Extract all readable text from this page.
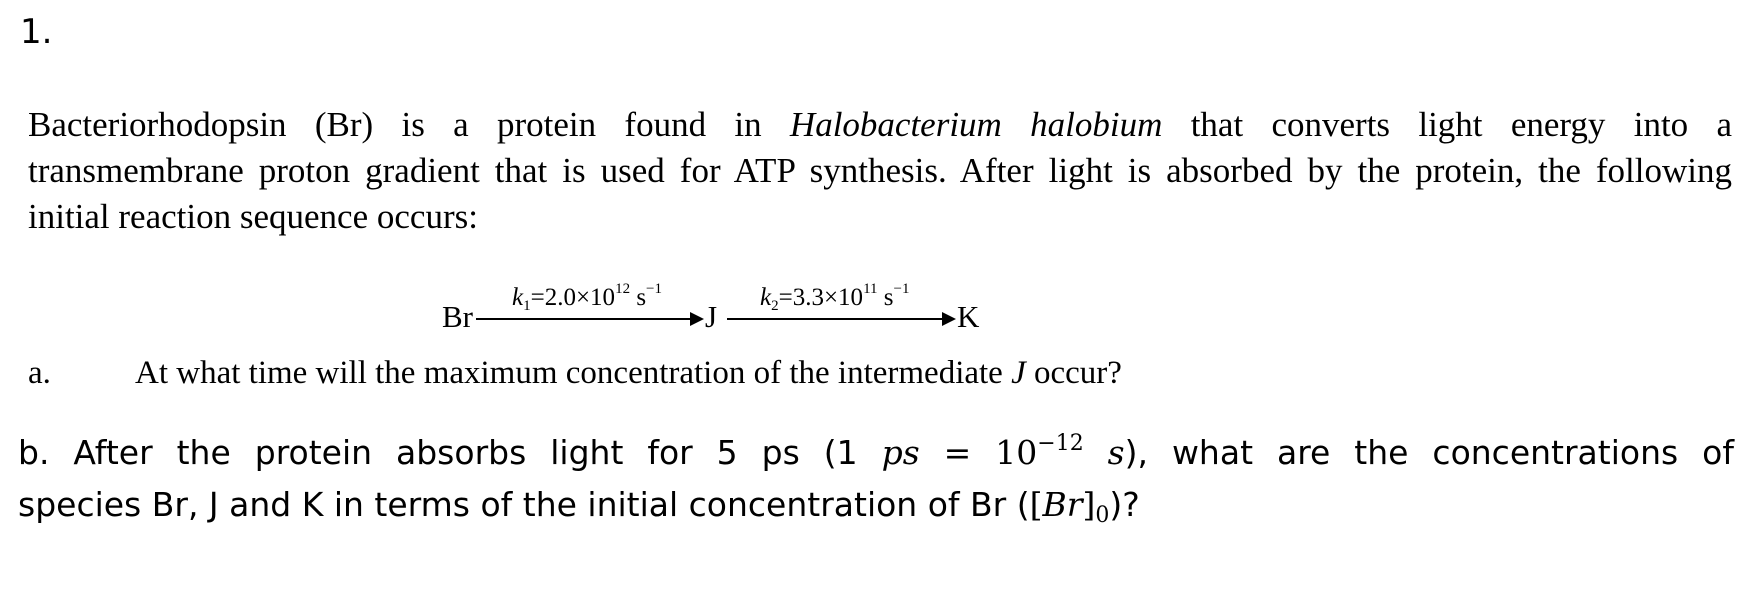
1.
Bacteriorhodopsin (Br) is a protein found in Halobacterium halobium that converts light energy into a
transmembrane proton gradient that is used for ATP synthesis. After light is absorbed by the protein, the following
initial reaction sequence occurs:
Br
$k_1=2.0\times 10^{12}$ $s^{-1}$
J
$k_2=3.3\times 10^{11}$ $s^{-1}$
K
a.	At what time will the maximum concentration of the intermediate J occur?
b. After the protein absorbs light for 5 ps (1 ps = $10^{-12}$ s), what are the concentrations of
species Br, J and K in terms of the initial concentration of Br $([Br]_0)$?
